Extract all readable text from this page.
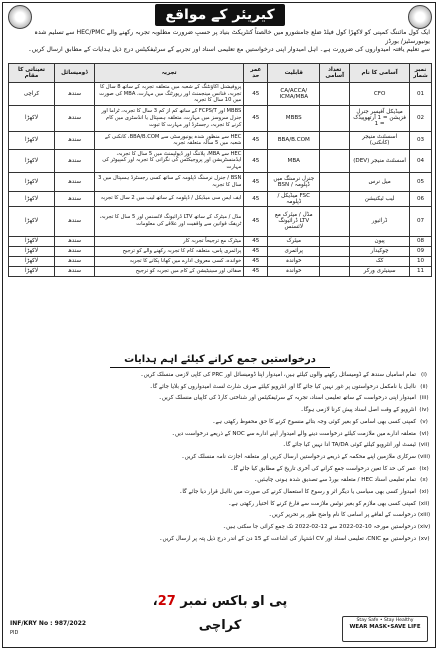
کیریئر کے مواقع

ایک کول مائننگ کمپنی کو لاکھڑا کول فیلڈ ضلع جامشورو میں خالصتاً کنٹریکٹ بنیاد پر حسبِ ضرورت مطلوبہ تجربہ رکھنے والے HEC/PMC سے تسلیم شدہ یونیورسٹیز/ بورڈز

سے تعلیم یافتہ امیدواروں کی ضرورت ہے۔ اہل امیدوار اپنی درخواستیں مع تعلیمی اسناد اور تجربے کے سرٹیفکیٹس درج ذیل ہدایات کے مطابق ارسال کریں۔

نمبر شمار	آسامی کا نام	تعداد آسامی	قابلیت	عمر حد	تجربہ	ڈومیسائل	تعیناتی کا مقام
01	CFO		CA/ACCA/ ICMA/MBA	45	پروفیشنل اکاؤنٹنگ کے شعبہ میں متعلقہ تجربہ کے ساتھ 8 سال کا تجربہ، فنانس مینجمنٹ اور رپورٹنگ میں مہارت، MBA کی صورت میں 10 سال کا تجربہ	سندھ	کراچی
02	میڈیکل آفیسر جنرل فزیشن = 1 آرتھوپیڈک = 1		MBBS	45	MBBS اور FCPS/T کے ساتھ کم از کم 3 سال کا تجربہ، ٹراما اور جنرل سروسز میں مہارت، متعلقہ ہسپتال یا انڈسٹری میں کام کرنے کا تجربہ، رجسٹرڈ اور مہارت کا ثبوت	سندھ	لاکھڑا
03	اسسٹنٹ منیجر (کانکنی)		BBA/B.COM	45	HEC سے منظور شدہ یونیورسٹی سے BBA/B.COM، کانکنی کے شعبہ میں 5 سالہ متعلقہ تجربہ	سندھ	لاکھڑا
04	اسسٹنٹ منیجر (DEV)		MBA	45	HEC سے MBA، پلاننگ اور ڈیولپمنٹ میں 5 سال کا تجربہ، ایڈمنسٹریشن اور پروجیکٹس کی نگرانی کا تجربہ اور کمپیوٹر کی مہارت	سندھ	لاکھڑا
05	میل نرس		جنرل نرسنگ میں ڈپلومہ / BSN	45	BSN / جنرل نرسنگ ڈپلومہ کے ساتھ کسی رجسٹرڈ ہسپتال میں 3 سال کا تجربہ	سندھ	لاکھڑا
06	لیب ٹیکنیشن		FSC میڈیکل / ڈپلومہ	45	ایف ایس سی میڈیکل / ڈپلومہ کے ساتھ لیب میں 2 سال کا تجربہ	سندھ	لاکھڑا
07	ڈرائیور		مڈل / میٹرک مع LTV ڈرائیونگ لائسنس	45	مڈل / میٹرک کے ساتھ LTV ڈرائیونگ لائسنس اور 5 سال کا تجربہ، ٹریفک قوانین سے واقفیت اور علاقے کی معلومات	سندھ	لاکھڑا
08	پیون		میٹرک	45	میٹرک مع ترجیحاً تجربہ کار	سندھ	لاکھڑا
09	چوکیدار		پرائمری	45	پرائمری پاس، متعلقہ کام کا تجربہ رکھنے والے کو ترجیح	سندھ	لاکھڑا
10	کک		خواندہ	45	خواندہ، کسی معروف ادارے میں کھانا پکانے کا تجربہ	سندھ	لاکھڑا
11	سینیٹری ورکر		خواندہ	45	صفائی اور سینیٹیشن کے کام میں تجربہ کو ترجیح	سندھ	لاکھڑا
درخواستیں جمع کرانے کیلئے اہم ہدایات
(i)
تمام اسامیاں سندھ کے ڈومیسائل رکھنے والوں کیلئے ہیں، امیدوار اپنا ڈومیسائل اور PRC کی کاپی لازمی منسلک کریں۔
(ii)
نااہل یا نامکمل درخواستوں پر غور نہیں کیا جائے گا اور انٹرویو کیلئے صرف شارٹ لسٹ امیدواروں کو بلایا جائے گا۔
(iii)
امیدوار اپنی درخواست کے ساتھ تعلیمی اسناد، تجربہ کے سرٹیفکیٹس اور شناختی کارڈ کی کاپیاں منسلک کریں۔
(iv)
انٹرویو کے وقت اصل اسناد پیش کرنا لازمی ہوگا۔
(v)
کمپنی کسی بھی اسامی کو بغیر کوئی وجہ بتائے منسوخ کرنے کا حق محفوظ رکھتی ہے۔
(vi)
متعلقہ ادارے میں ملازمت کیلئے درخواست دینے والے امیدوار اپنے ادارے سے NOC کے ذریعے درخواست دیں۔
(vii)
ٹیسٹ اور انٹرویو کیلئے کوئی TA/DA ادا نہیں کیا جائے گا۔
(viii)
سرکاری ملازمین اپنے محکمہ کے ذریعے درخواستیں ارسال کریں اور متعلقہ اجازت نامہ منسلک کریں۔
(ix)
عمر کی حد کا تعین درخواست جمع کرانے کی آخری تاریخ کے مطابق کیا جائے گا۔
(x)
تمام تعلیمی اسناد HEC / متعلقہ بورڈ سے تصدیق شدہ ہونی چاہئیں۔
(xi)
امیدوار کسی بھی سیاسی یا دیگر اثر و رسوخ کا استعمال کرنے کی صورت میں نااہل قرار دیا جائے گا۔
(xii)
کمپنی کسی بھی ملازم کو بغیر نوٹس ملازمت سے فارغ کرنے کا اختیار رکھتی ہے۔
(xiii)
درخواست کے لفافے پر اسامی کا نام واضح طور پر تحریر کریں۔
(xiv)
درخواستیں مورخہ 10-02-2022 سے 12-02-2022 تک جمع کرائی جا سکتی ہیں۔
(xv)
درخواستیں مع CNIC، تعلیمی اسناد اور CV اشتہار کی اشاعت کے 15 دن کے اندر درج ذیل پتہ پر ارسال کریں۔
پی او باکس نمبر 27، کراچی
INF/KRY No : 987/2022
PID
Stay Safe • Stay Healthy
WEAR MASK•SAVE LIFE
